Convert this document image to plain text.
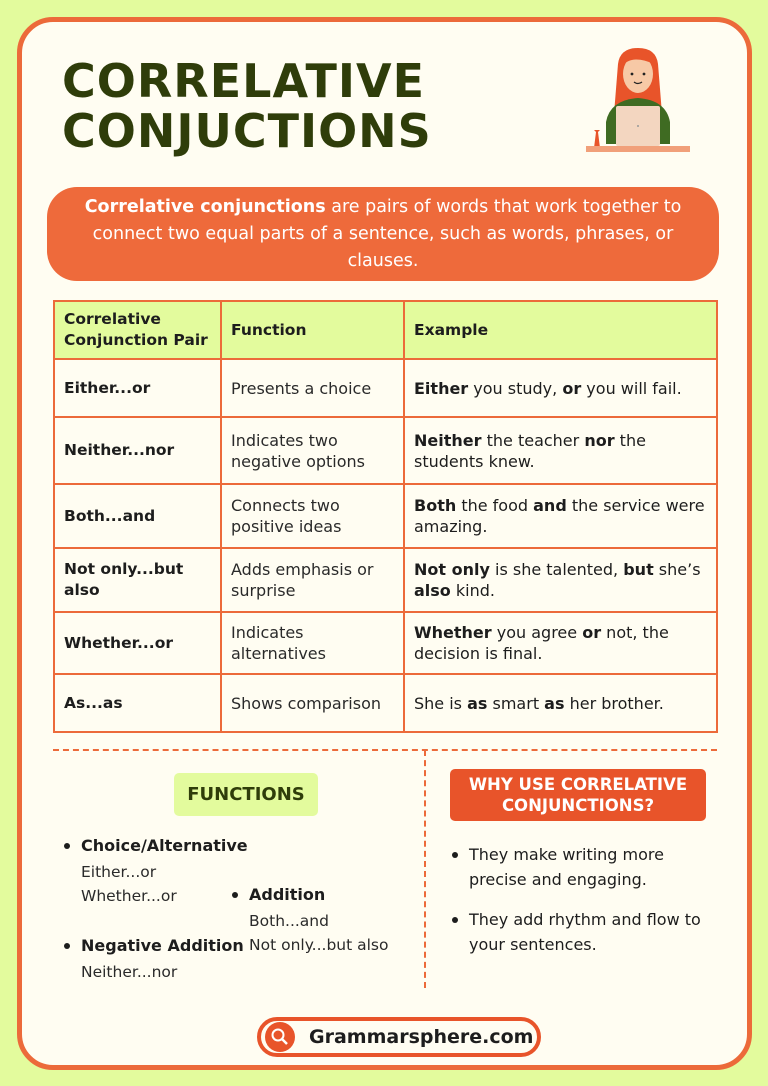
CORRELATIVE
CONJUCTIONS
Correlative conjunctions are pairs of words that work together to connect two equal parts of a sentence, such as words, phrases, or clauses.
Correlative Conjunction Pair	Function	Example
Either...or	Presents a choice	Either you study, or you will fail.
Neither...nor	Indicates two negative options	Neither the teacher nor the students knew.
Both...and	Connects two positive ideas	Both the food and the service were amazing.
Not only...but also	Adds emphasis or surprise	Not only is she talented, but she’s also kind.
Whether...or	Indicates alternatives	Whether you agree or not, the decision is final.
As...as	Shows comparison	She is as smart as her brother.
FUNCTIONS
Choice/Alternative
Either...or
Whether...or	Addition
Both...and
Not only...but also
Negative Addition
Neither...nor
WHY USE CORRELATIVE
CONJUNCTIONS?
They make writing more precise and engaging.
They add rhythm and flow to your sentences.
Grammarsphere.com
